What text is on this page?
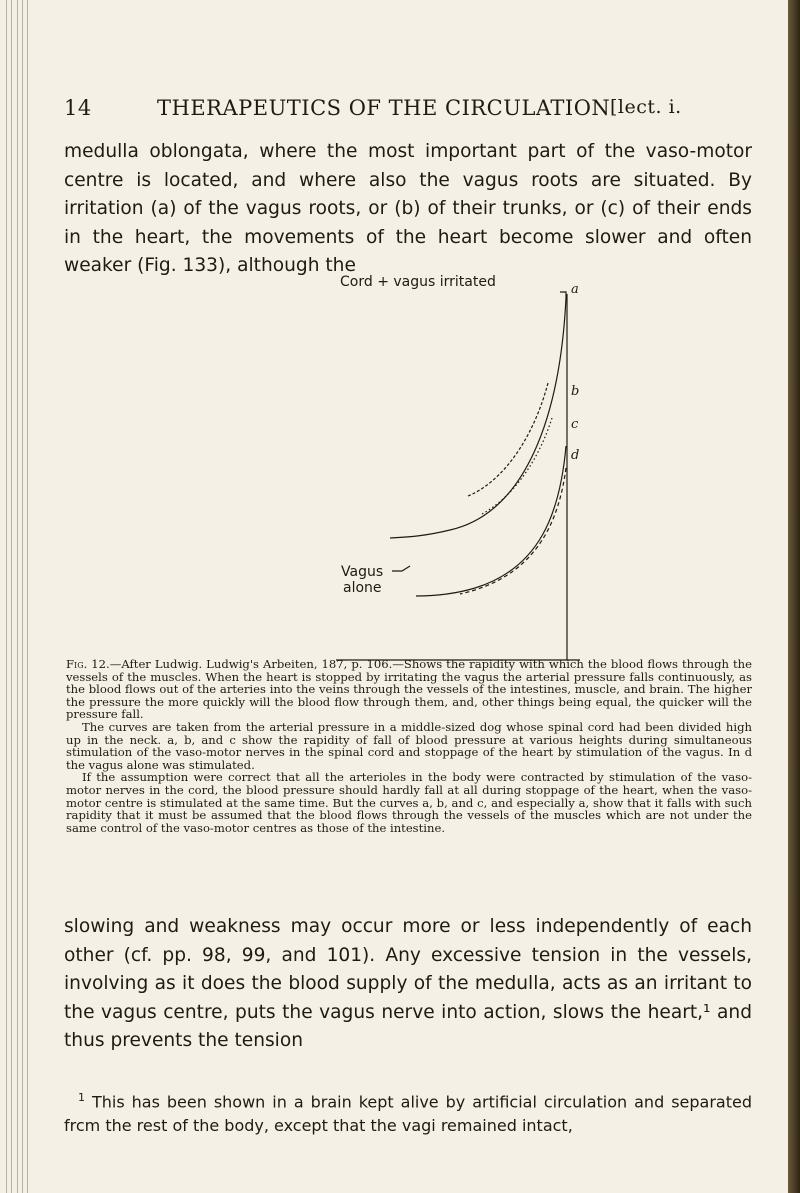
14	THERAPEUTICS OF THE CIRCULATION [lect. i.

medulla oblongata, where the most important part of the vaso-motor centre is located, and where also the vagus roots are situated. By irritation (a) of the vagus roots, or (b) of their trunks, or (c) of their ends in the heart, the movements of the heart become slower and often weaker (Fig. 133), although the

Cord + vagus irritated
Vagus
alone
a
b
c
d

Fig. 12.—After Ludwig. Ludwig's Arbeiten, 187, p. 106.—Shows the rapidity with which the blood flows through the vessels of the muscles. When the heart is stopped by irritating the vagus the arterial pressure falls continuously, as the blood flows out of the arteries into the veins through the vessels of the intestines, muscle, and brain. The higher the pressure the more quickly will the blood flow through them, and, other things being equal, the quicker will the pressure fall.

The curves are taken from the arterial pressure in a middle-sized dog whose spinal cord had been divided high up in the neck. a, b, and c show the rapidity of fall of blood pressure at various heights during simultaneous stimulation of the vaso-motor nerves in the spinal cord and stoppage of the heart by stimulation of the vagus. In d the vagus alone was stimulated.

If the assumption were correct that all the arterioles in the body were contracted by stimulation of the vaso-motor nerves in the cord, the blood pressure should hardly fall at all during stoppage of the heart, when the vaso-motor centre is stimulated at the same time. But the curves a, b, and c, and especially a, show that it falls with such rapidity that it must be assumed that the blood flows through the vessels of the muscles which are not under the same control of the vaso-motor centres as those of the intestine.

slowing and weakness may occur more or less independently of each other (cf. pp. 98, 99, and 101). Any excessive tension in the vessels, involving as it does the blood supply of the medulla, acts as an irritant to the vagus centre, puts the vagus nerve into action, slows the heart,¹ and thus prevents the tension

$^1$ This has been shown in a brain kept alive by artificial circulation and separated frcm the rest of the body, except that the vagi remained intact,
